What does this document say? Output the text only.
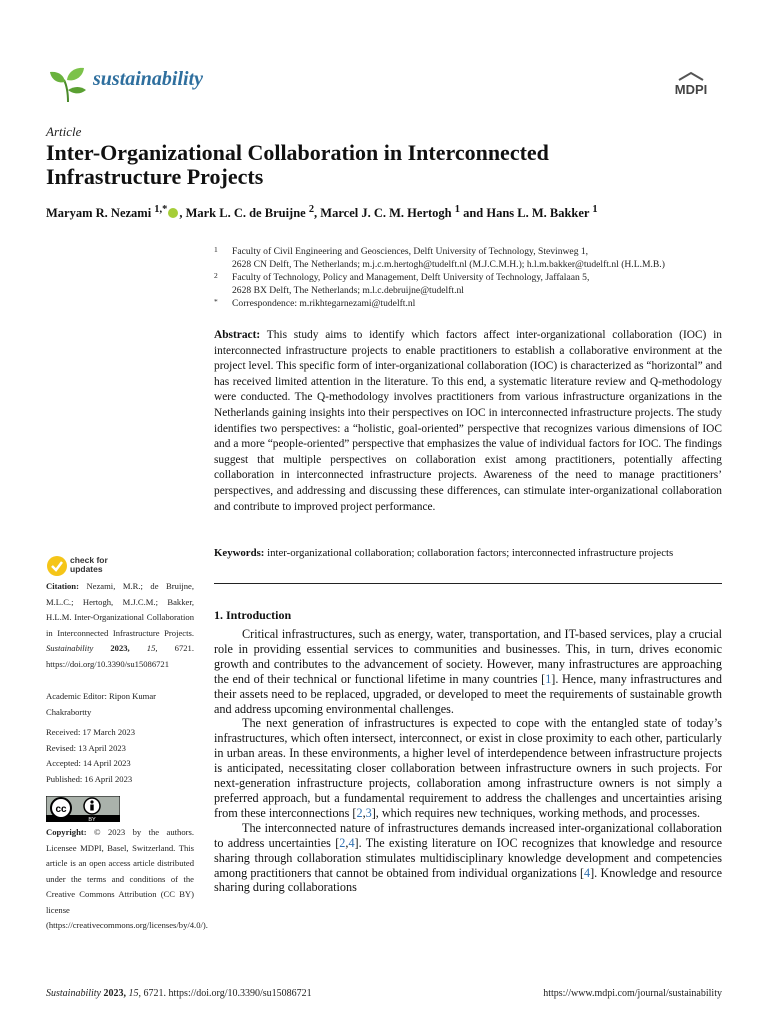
sustainability	MDPI
Article
Inter-Organizational Collaboration in Interconnected Infrastructure Projects
Maryam R. Nezami $^{1,*}$ , Mark L. C. de Bruijne $^2$, Marcel J. C. M. Hertogh $^1$ and Hans L. M. Bakker $^1$
1 Faculty of Civil Engineering and Geosciences, Delft University of Technology, Stevinweg 1,
2628 CN Delft, The Netherlands; m.j.c.m.hertogh@tudelft.nl (M.J.C.M.H.); h.l.m.bakker@tudelft.nl (H.L.M.B.)
2 Faculty of Technology, Policy and Management, Delft University of Technology, Jaffalaan 5,
2628 BX Delft, The Netherlands; m.l.c.debruijne@tudelft.nl
* Correspondence: m.rikhtegarnezami@tudelft.nl
Abstract: This study aims to identify which factors affect inter-organizational collaboration (IOC) in interconnected infrastructure projects to enable practitioners to establish a collaborative environment at the project level. This specific form of inter-organizational collaboration (IOC) is characterized as “horizontal” and has received limited attention in the literature. To this end, a systematic literature review and Q-methodology were conducted. The Q-methodology involves practitioners from various infrastructure organizations in the Netherlands gaining insights into their perspectives on IOC in interconnected infrastructure projects. The study identifies two perspectives: a “holistic, goal-oriented” perspective that recognizes various dimensions of IOC and a more “people-oriented” perspective that emphasizes the value of individual factors for IOC. The findings suggest that multiple perspectives on collaboration exist among practitioners, potentially affecting collaboration in interconnected infrastructure projects. Awareness of the need to manage practitioners’ perspectives, and addressing and discussing these differences, can stimulate inter-organizational collaboration and contribute to improved project performance.
Keywords: inter-organizational collaboration; collaboration factors; interconnected infrastructure projects
1. Introduction

Critical infrastructures, such as energy, water, transportation, and IT-based services, play a crucial role in providing essential services to communities and businesses. This, in turn, drives economic growth and contributes to the advancement of society. However, many infrastructures are approaching the end of their technical or functional lifetime in many countries [1]. Hence, many infrastructures and their assets need to be replaced, upgraded, or developed to meet the requirements of sustainable growth and address upcoming environmental challenges.

The next generation of infrastructures is expected to cope with the entangled state of today’s infrastructures, which often intersect, interconnect, or exist in close proximity to each other, particularly in urban areas. In these environments, a higher level of interdependence between infrastructure projects is anticipated, necessitating closer collaboration between infrastructure owners in such projects. For next-generation infrastructure projects, collaboration among infrastructure owners is not simply a preferred approach, but a fundamental requirement to address the challenges and uncertainties arising from these interconnections [2,3], which requires new techniques, working methods, and processes.

The interconnected nature of infrastructures demands increased inter-organizational collaboration to address uncertainties [2,4]. The existing literature on IOC recognizes that knowledge and resource sharing through collaboration stimulates multidisciplinary knowledge development and competencies among practitioners that cannot be obtained from individual organizations [4]. Knowledge and resource sharing during collaborations

check for
updates
Citation: Nezami, M.R.; de Bruijne, M.L.C.; Hertogh, M.J.C.M.; Bakker, H.L.M. Inter-Organizational Collaboration in Interconnected Infrastructure Projects. Sustainability 2023, 15, 6721. https://doi.org/10.3390/su15086721
Academic Editor: Ripon Kumar Chakrabortty
Received: 17 March 2023
Revised: 13 April 2023
Accepted: 14 April 2023
Published: 16 April 2023
cc
BY
Copyright: © 2023 by the authors. Licensee MDPI, Basel, Switzerland. This article is an open access article distributed under the terms and conditions of the Creative Commons Attribution (CC BY) license (https://creativecommons.org/licenses/by/4.0/).
Sustainability 2023, 15, 6721. https://doi.org/10.3390/su15086721	https://www.mdpi.com/journal/sustainability
